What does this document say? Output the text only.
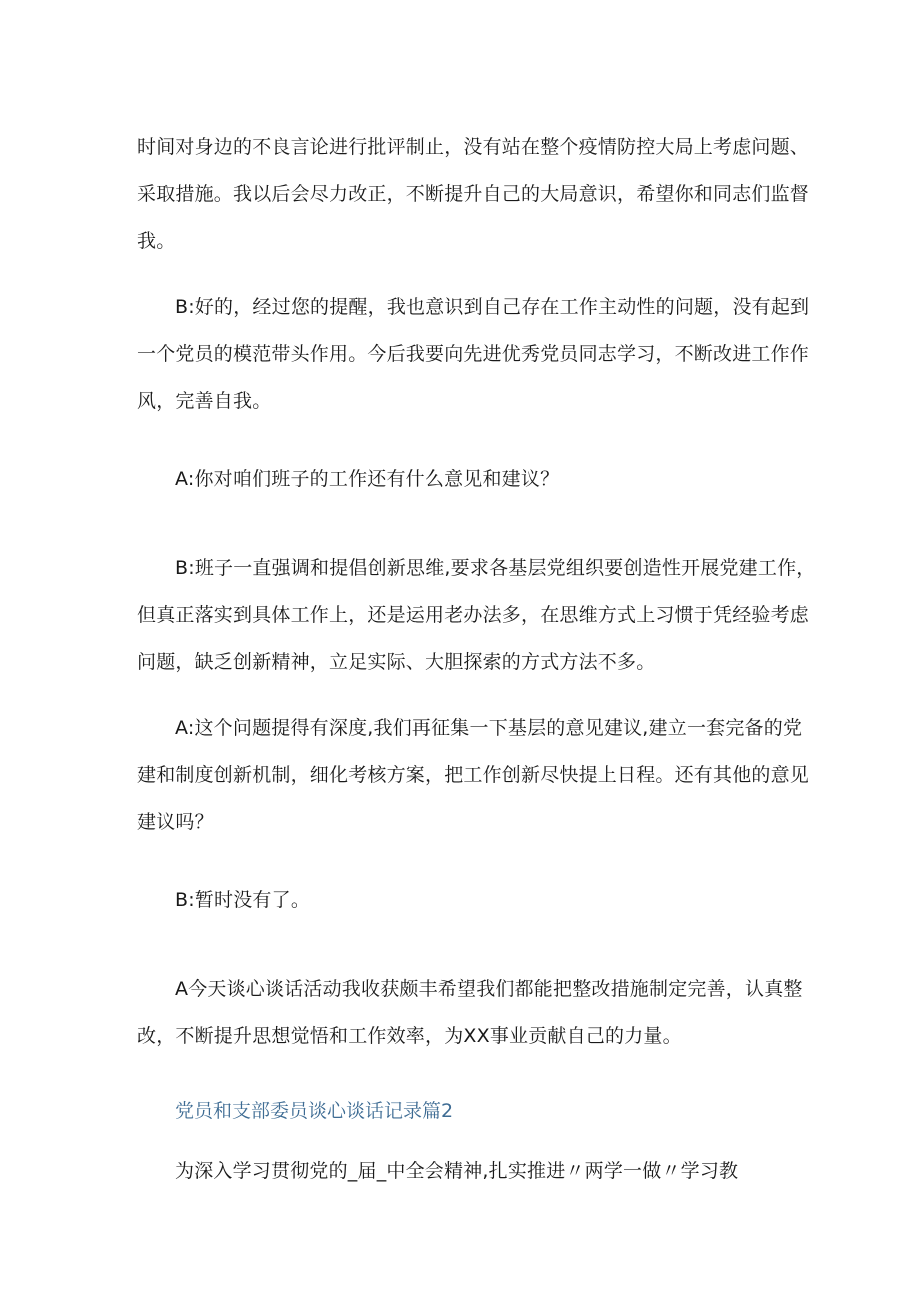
时间对身边的不良言论进行批评制止，没有站在整个疫情防控大局上考虑问题、
采取措施。我以后会尽力改正，不断提升自己的大局意识，希望你和同志们监督
我。
B:好的，经过您的提醒，我也意识到自己存在工作主动性的问题，没有起到
一个党员的模范带头作用。今后我要向先进优秀党员同志学习，不断改进工作作
风，完善自我。
A:你对咱们班子的工作还有什么意见和建议？
B:班子一直强调和提倡创新思维,要求各基层党组织要创造性开展党建工作，
但真正落实到具体工作上，还是运用老办法多，在思维方式上习惯于凭经验考虑
问题，缺乏创新精神，立足实际、大胆探索的方式方法不多。
A:这个问题提得有深度,我们再征集一下基层的意见建议,建立一套完备的党
建和制度创新机制，细化考核方案，把工作创新尽快提上日程。还有其他的意见
建议吗？
B:暂时没有了。
A今天谈心谈话活动我收获颇丰希望我们都能把整改措施制定完善，认真整
改，不断提升思想觉悟和工作效率，为XX事业贡献自己的力量。
党员和支部委员谈心谈话记录篇2
为深入学习贯彻党的_届_中全会精神,扎实推进〃两学一做〃学习教
